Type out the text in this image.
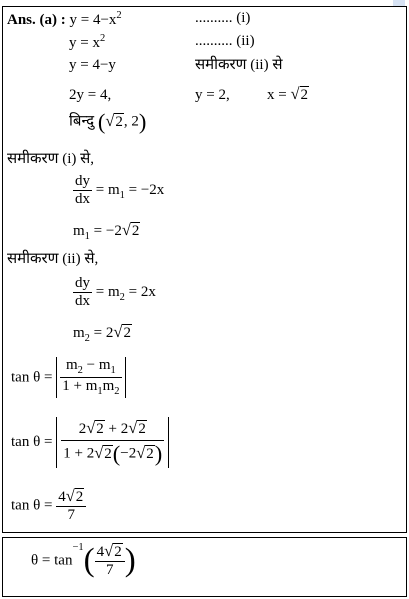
Ans. (a) : $y = 4-x^2$	.......... (i)
$y = x^2$	.......... (ii)
y = 4−y	समीकरण (ii) से
2y = 4,	y = 2, x = √2
बिन्दु (√2, 2)
समीकरण (i) से,
$\frac{dy}{dx} = m_1 = -2x$
$m_1 = -2√2$
समीकरण (ii) से,
$\frac{dy}{dx} = m_2 = 2x$
$m_2 = 2√2$
$\tan \theta = \frac{m_2 - m_1}{1 + m_1m_2}$
$\tan \theta = \frac{2√2 + 2√2}{1 + 2√2(-2√2)}$
$\tan \theta = \frac{4√2}{7}$
$\theta = \tan^{-1}( \frac{4√2}{7}$ )
